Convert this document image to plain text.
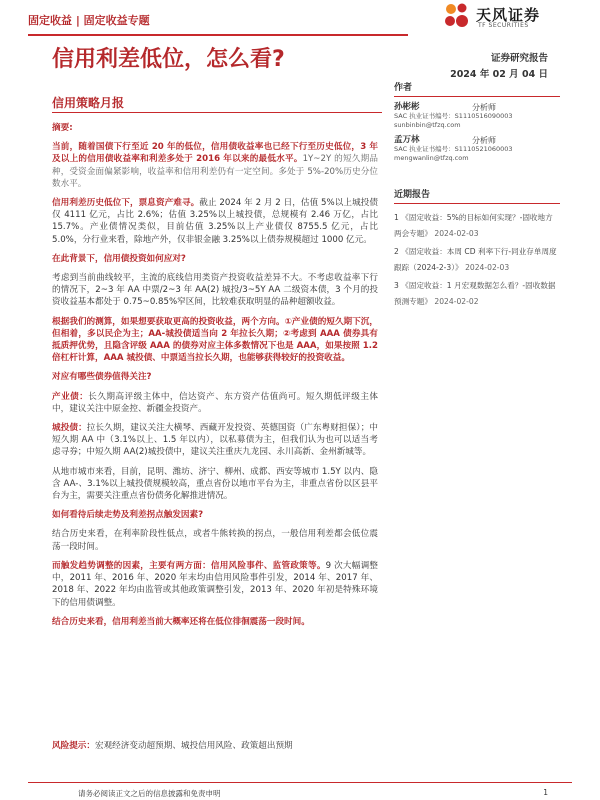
固定收益 | 固定收益专题	天风证券
TF SECURITIES
信用利差低位，怎么看?	证券研究报告
2024 年 02 月 04 日
信用策略月报
摘要:

当前，随着国债下行至近 20 年的低位，信用债收益率也已经下行至历史低位，3 年及以上的信用债收益率和利差多处于 2016 年以来的最低水平。1Y~2Y 的短久期品种，受资金面偏紧影响，收益率和信用利差仍有一定空间。多处于 5%-20%历史分位数水平。

信用利差历史低位下，票息资产难寻。截止 2024 年 2 月 2 日，估值 5%以上城投债仅 4111 亿元，占比 2.6%；估值 3.25%以上城投债，总规模有 2.46 万亿，占比 15.7%。产业债情况类似，目前估值 3.25%以上产业债仅 8755.5 亿元，占比 5.0%，分行业来看，除地产外，仅非银金融 3.25%以上债券规模超过 1000 亿元。

在此背景下，信用债投资如何应对?

考虑到当前曲线较平，主流的底线信用类资产投资收益差异不大。不考虑收益率下行的情况下，2~3 年 AA 中票/2~3 年 AA(2) 城投/3~5Y AA 二级资本债，3 个月的投资收益基本都处于 0.75~0.85%窄区间，比较难获取明显的品种超额收益。

根据我们的测算，如果想要获取更高的投资收益，两个方向。①产业债的短久期下沉，但相着，多以民企为主；AA-城投债适当向 2 年拉长久期；②考虑到 AAA 债券具有抵质押优势，且隐含评级 AAA 的债券对应主体多数情况下也是 AAA，如果按照 1.2 倍杠杆计算，AAA 城投债、中票适当拉长久期，也能够获得较好的投资收益。

对应有哪些债券值得关注?

产业债：长久期高评级主体中，信达资产、东方资产估值尚可。短久期低评级主体中，建议关注中原金控、新疆金投资产。

城投债：拉长久期，建议关注大横琴、西藏开发投资、英德国资（广东粤财担保）；中短久期 AA 中（3.1%以上、1.5 年以内），以私募债为主，但我们认为也可以适当考虑寻券；中短久期 AA(2)城投债中，建议关注重庆九龙园、永川高新、金州新城等。

从地市城市来看，目前，昆明、潍坊、济宁、柳州、成都、西安等城市 1.5Y 以内、隐含 AA-、3.1%以上城投债规模较高，重点省份以地市平台为主，非重点省份以区县平台为主，需要关注重点省份债务化解推进情况。

如何看待后续走势及利差拐点触发因素?

结合历史来看，在利率阶段性低点，或者牛熊转换的拐点，一般信用利差都会低位震荡一段时间。

而触发趋势调整的因素，主要有两方面：信用风险事件、监管政策等。9 次大幅调整中，2011 年、2016 年、2020 年末均由信用风险事件引发，2014 年、2017 年、2018 年、2022 年均由监管或其他政策调整引发，2013 年、2020 年初是特殊环境下的信用债调整。

结合历史来看，信用利差当前大概率还将在低位徘徊震荡一段时间。

风险提示：宏观经济变动超预期、城投信用风险、政策超出预期
作者
孙彬彬	分析师
SAC 执业证书编号：S1110516090003
sunbinbin@tfzq.com
孟万林	分析师
SAC 执业证书编号：S1110521060003
mengwanlin@tfzq.com
近期报告
1 《固定收益：5%的目标如何实现？-固收地方两会专题》 2024-02-03
2 《固定收益：本周 CD 利率下行-同业存单周度跟踪（2024-2-3）》 2024-02-03
3 《固定收益：1 月宏观数据怎么看？-固收数据预测专题》 2024-02-02
请务必阅读正文之后的信息披露和免责申明	1
